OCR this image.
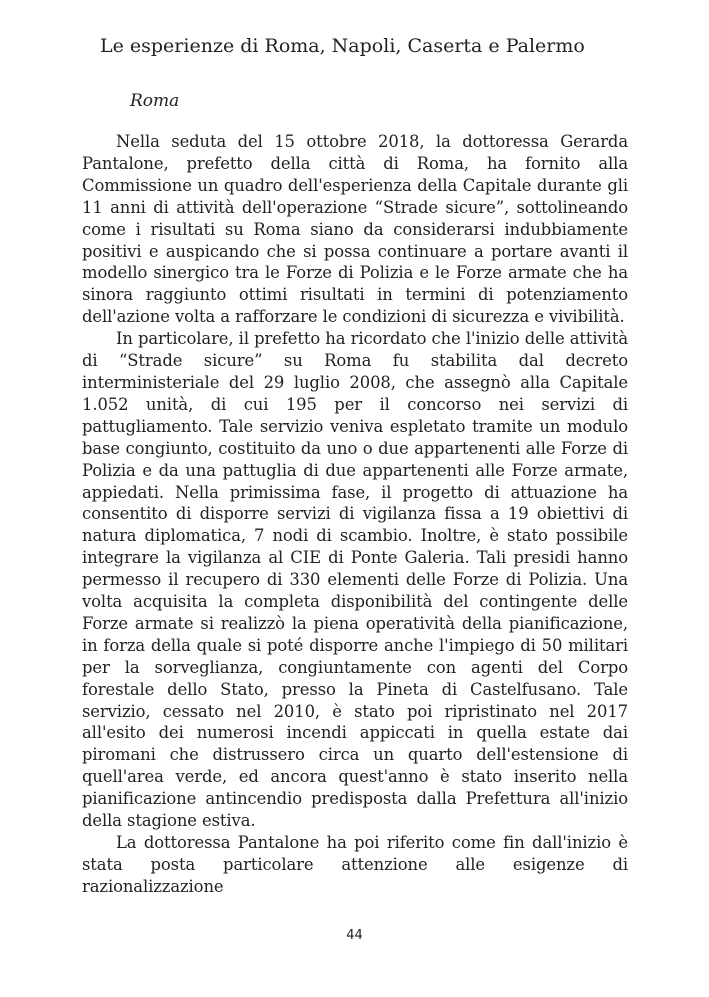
Le esperienze di Roma, Napoli, Caserta e Palermo
Roma

Nella seduta del 15 ottobre 2018, la dottoressa Gerarda Pantalone, prefetto della città di Roma, ha fornito alla Commissione un quadro dell'esperienza della Capitale durante gli 11 anni di attività dell'operazione “Strade sicure”, sottolineando come i risultati su Roma siano da considerarsi indubbiamente positivi e auspicando che si possa continuare a portare avanti il modello sinergico tra le Forze di Polizia e le Forze armate che ha sinora raggiunto ottimi risultati in termini di potenziamento dell'azione volta a rafforzare le condizioni di sicurezza e vivibilità.

In particolare, il prefetto ha ricordato che l'inizio delle attività di “Strade sicure” su Roma fu stabilita dal decreto interministeriale del 29 luglio 2008, che assegnò alla Capitale 1.052 unità, di cui 195 per il concorso nei servizi di pattugliamento. Tale servizio veniva espletato tramite un modulo base congiunto, costituito da uno o due appartenenti alle Forze di Polizia e da una pattuglia di due appartenenti alle Forze armate, appiedati. Nella primissima fase, il progetto di attuazione ha consentito di disporre servizi di vigilanza fissa a 19 obiettivi di natura diplomatica, 7 nodi di scambio. Inoltre, è stato possibile integrare la vigilanza al CIE di Ponte Galeria. Tali presidi hanno permesso il recupero di 330 elementi delle Forze di Polizia. Una volta acquisita la completa disponibilità del contingente delle Forze armate si realizzò la piena operatività della pianificazione, in forza della quale si poté disporre anche l'impiego di 50 militari per la sorveglianza, congiuntamente con agenti del Corpo forestale dello Stato, presso la Pineta di Castelfusano. Tale servizio, cessato nel 2010, è stato poi ripristinato nel 2017 all'esito dei numerosi incendi appiccati in quella estate dai piromani che distrussero circa un quarto dell'estensione di quell'area verde, ed ancora quest'anno è stato inserito nella pianificazione antincendio predisposta dalla Prefettura all'inizio della stagione estiva.

La dottoressa Pantalone ha poi riferito come fin dall'inizio è stata posta particolare attenzione alle esigenze di razionalizzazione

44
